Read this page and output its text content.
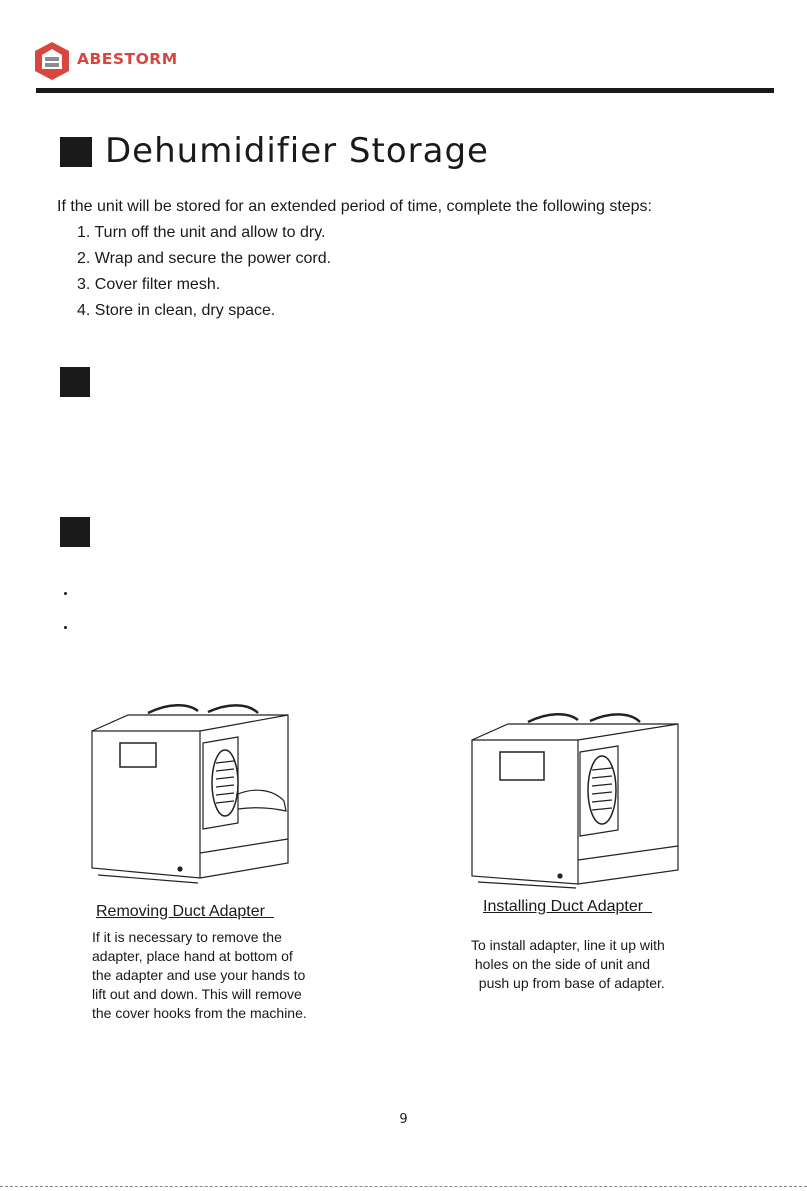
ABESTORM
Dehumidifier Storage
If the unit will be stored for an extended period of time, complete the following steps:
1. Turn off the unit and allow to dry.
2. Wrap and secure the power cord.
3. Cover filter mesh.
4. Store in clean, dry space.
Removing Duct Adapter
If it is necessary to remove the
adapter, place hand at bottom of
the adapter and use your hands to
lift out and down. This will remove
the cover hooks from the machine.
Installing Duct Adapter
To install adapter, line it up with
holes on the side of unit and
push up from base of adapter.
9
